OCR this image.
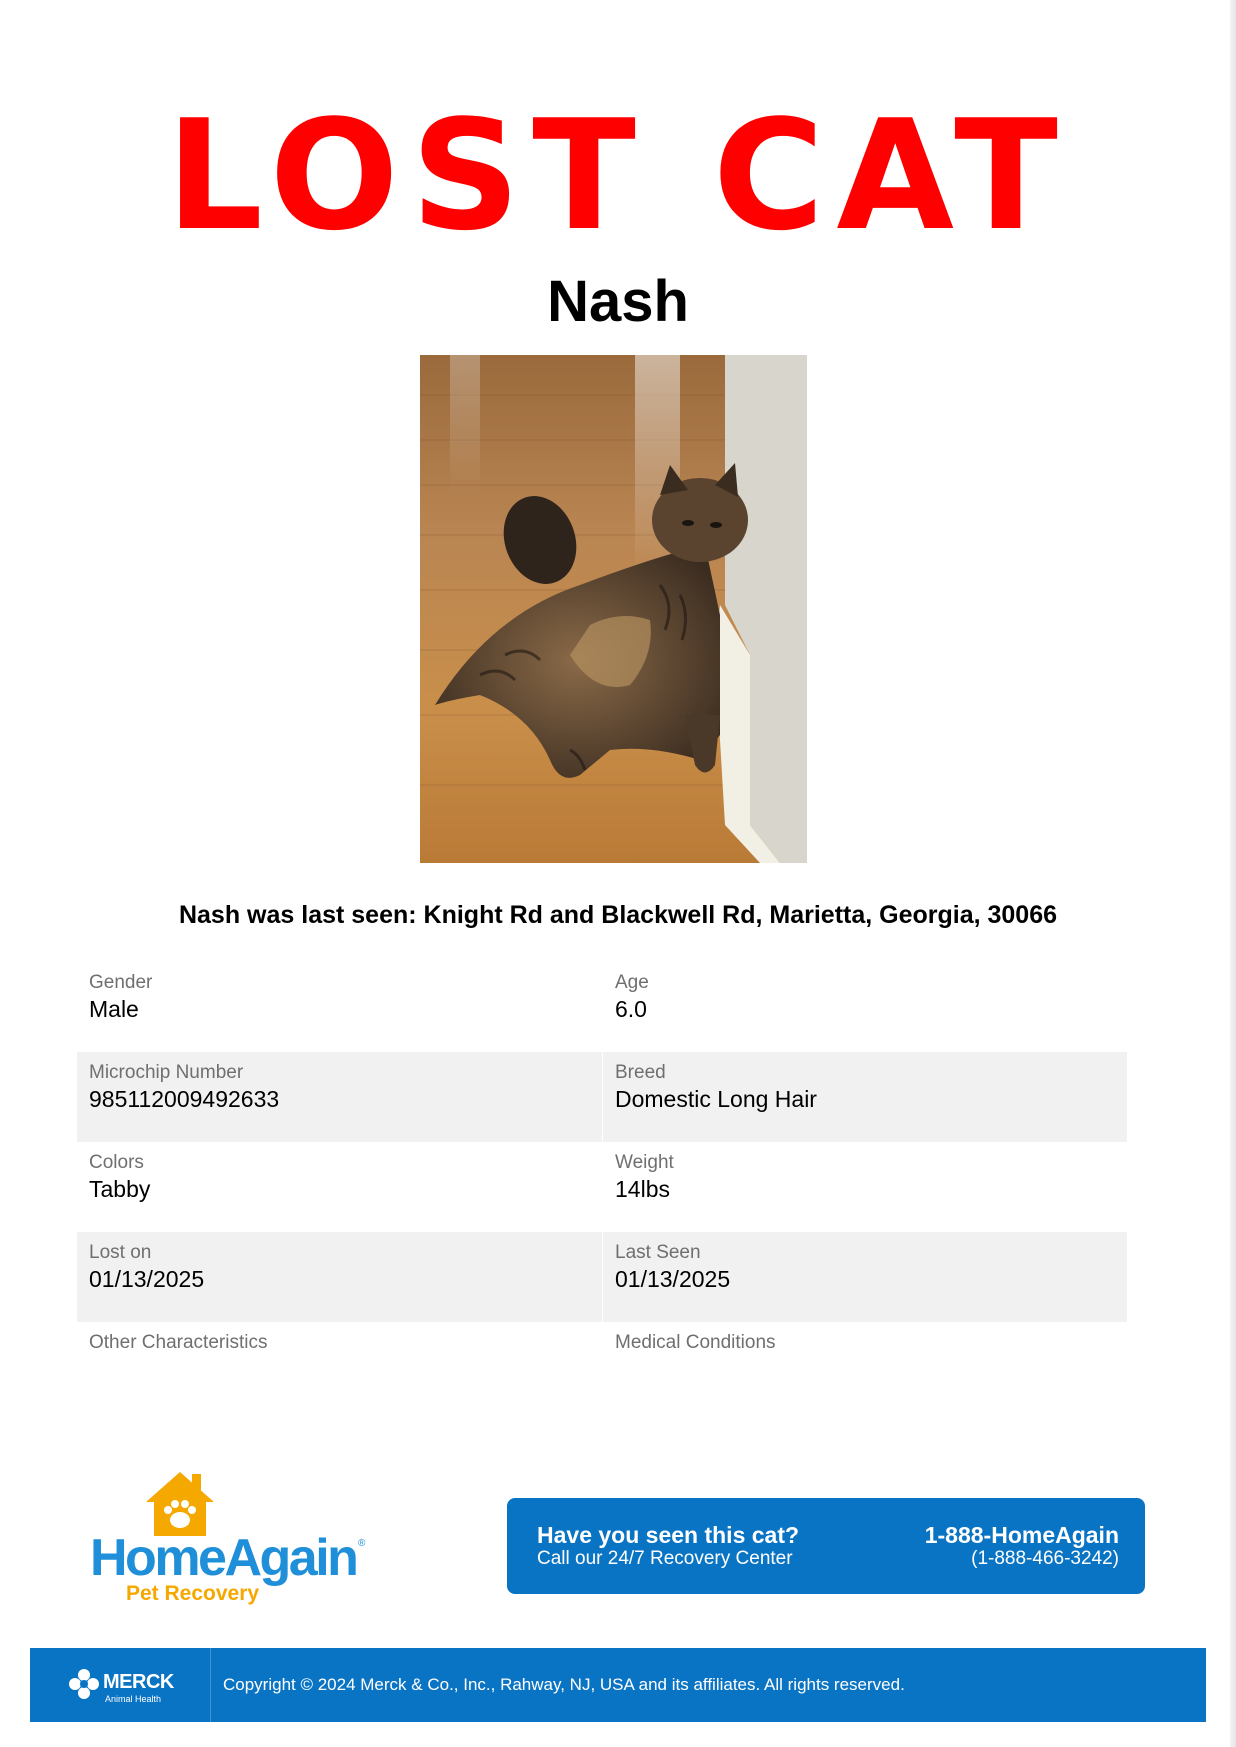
LOST CAT
Nash
Nash was last seen: Knight Rd and Blackwell Rd, Marietta, Georgia, 30066
Gender
Male
Age
6.0
Microchip Number
985112009492633
Breed
Domestic Long Hair
Colors
Tabby
Weight
14lbs
Lost on
01/13/2025
Last Seen
01/13/2025
Other Characteristics	Medical Conditions
HomeAgain ®
Pet Recovery
Have you seen this cat?
Call our 24/7 Recovery Center
1-888-HomeAgain
(1-888-466-3242)
MERCK
Animal Health
Copyright © 2024 Merck & Co., Inc., Rahway, NJ, USA and its affiliates. All rights reserved.
